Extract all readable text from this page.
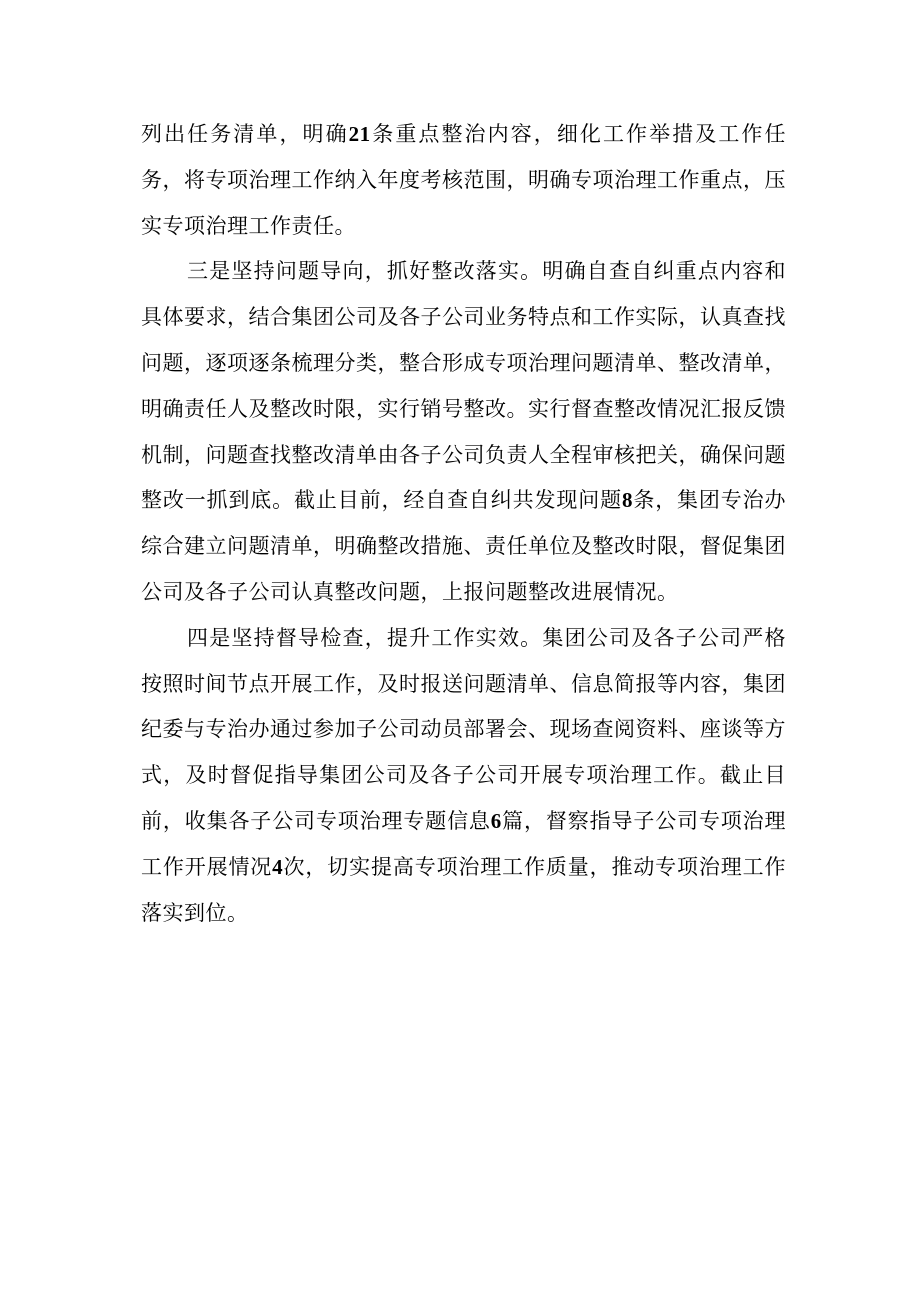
列出任务清单，明确21条重点整治内容，细化工作举措及工作任务，将专项治理工作纳入年度考核范围，明确专项治理工作重点，压实专项治理工作责任。

三是坚持问题导向，抓好整改落实。明确自查自纠重点内容和具体要求，结合集团公司及各子公司业务特点和工作实际，认真查找问题，逐项逐条梳理分类，整合形成专项治理问题清单、整改清单，明确责任人及整改时限，实行销号整改。实行督查整改情况汇报反馈机制，问题查找整改清单由各子公司负责人全程审核把关，确保问题整改一抓到底。截止目前，经自查自纠共发现问题8条，集团专治办综合建立问题清单，明确整改措施、责任单位及整改时限，督促集团公司及各子公司认真整改问题，上报问题整改进展情况。

四是坚持督导检查，提升工作实效。集团公司及各子公司严格按照时间节点开展工作，及时报送问题清单、信息简报等内容，集团纪委与专治办通过参加子公司动员部署会、现场查阅资料、座谈等方式，及时督促指导集团公司及各子公司开展专项治理工作。截止目前，收集各子公司专项治理专题信息6篇，督察指导子公司专项治理工作开展情况4次，切实提高专项治理工作质量，推动专项治理工作落实到位。
